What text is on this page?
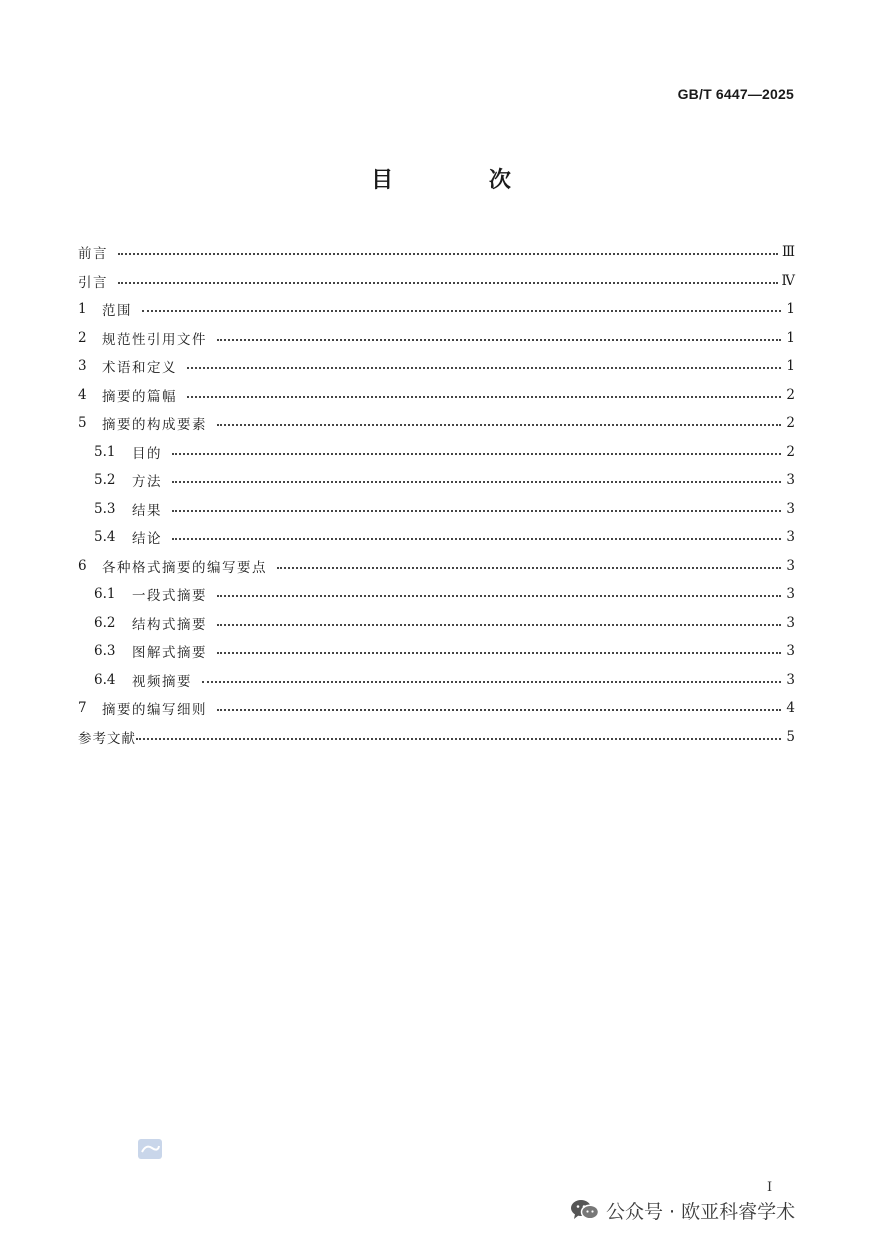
GB/T 6447—2025
目 次
前言	Ⅲ
引言	Ⅳ
1	范围	1
2	规范性引用文件	1
3	术语和定义	1
4	摘要的篇幅	2
5	摘要的构成要素	2
5.1	目的	2
5.2	方法	3
5.3	结果	3
5.4	结论	3
6	各种格式摘要的编写要点	3
6.1	一段式摘要	3
6.2	结构式摘要	3
6.3	图解式摘要	3
6.4	视频摘要	3
7	摘要的编写细则	4
参考文献	5
I
公众号 · 欧亚科睿学术
